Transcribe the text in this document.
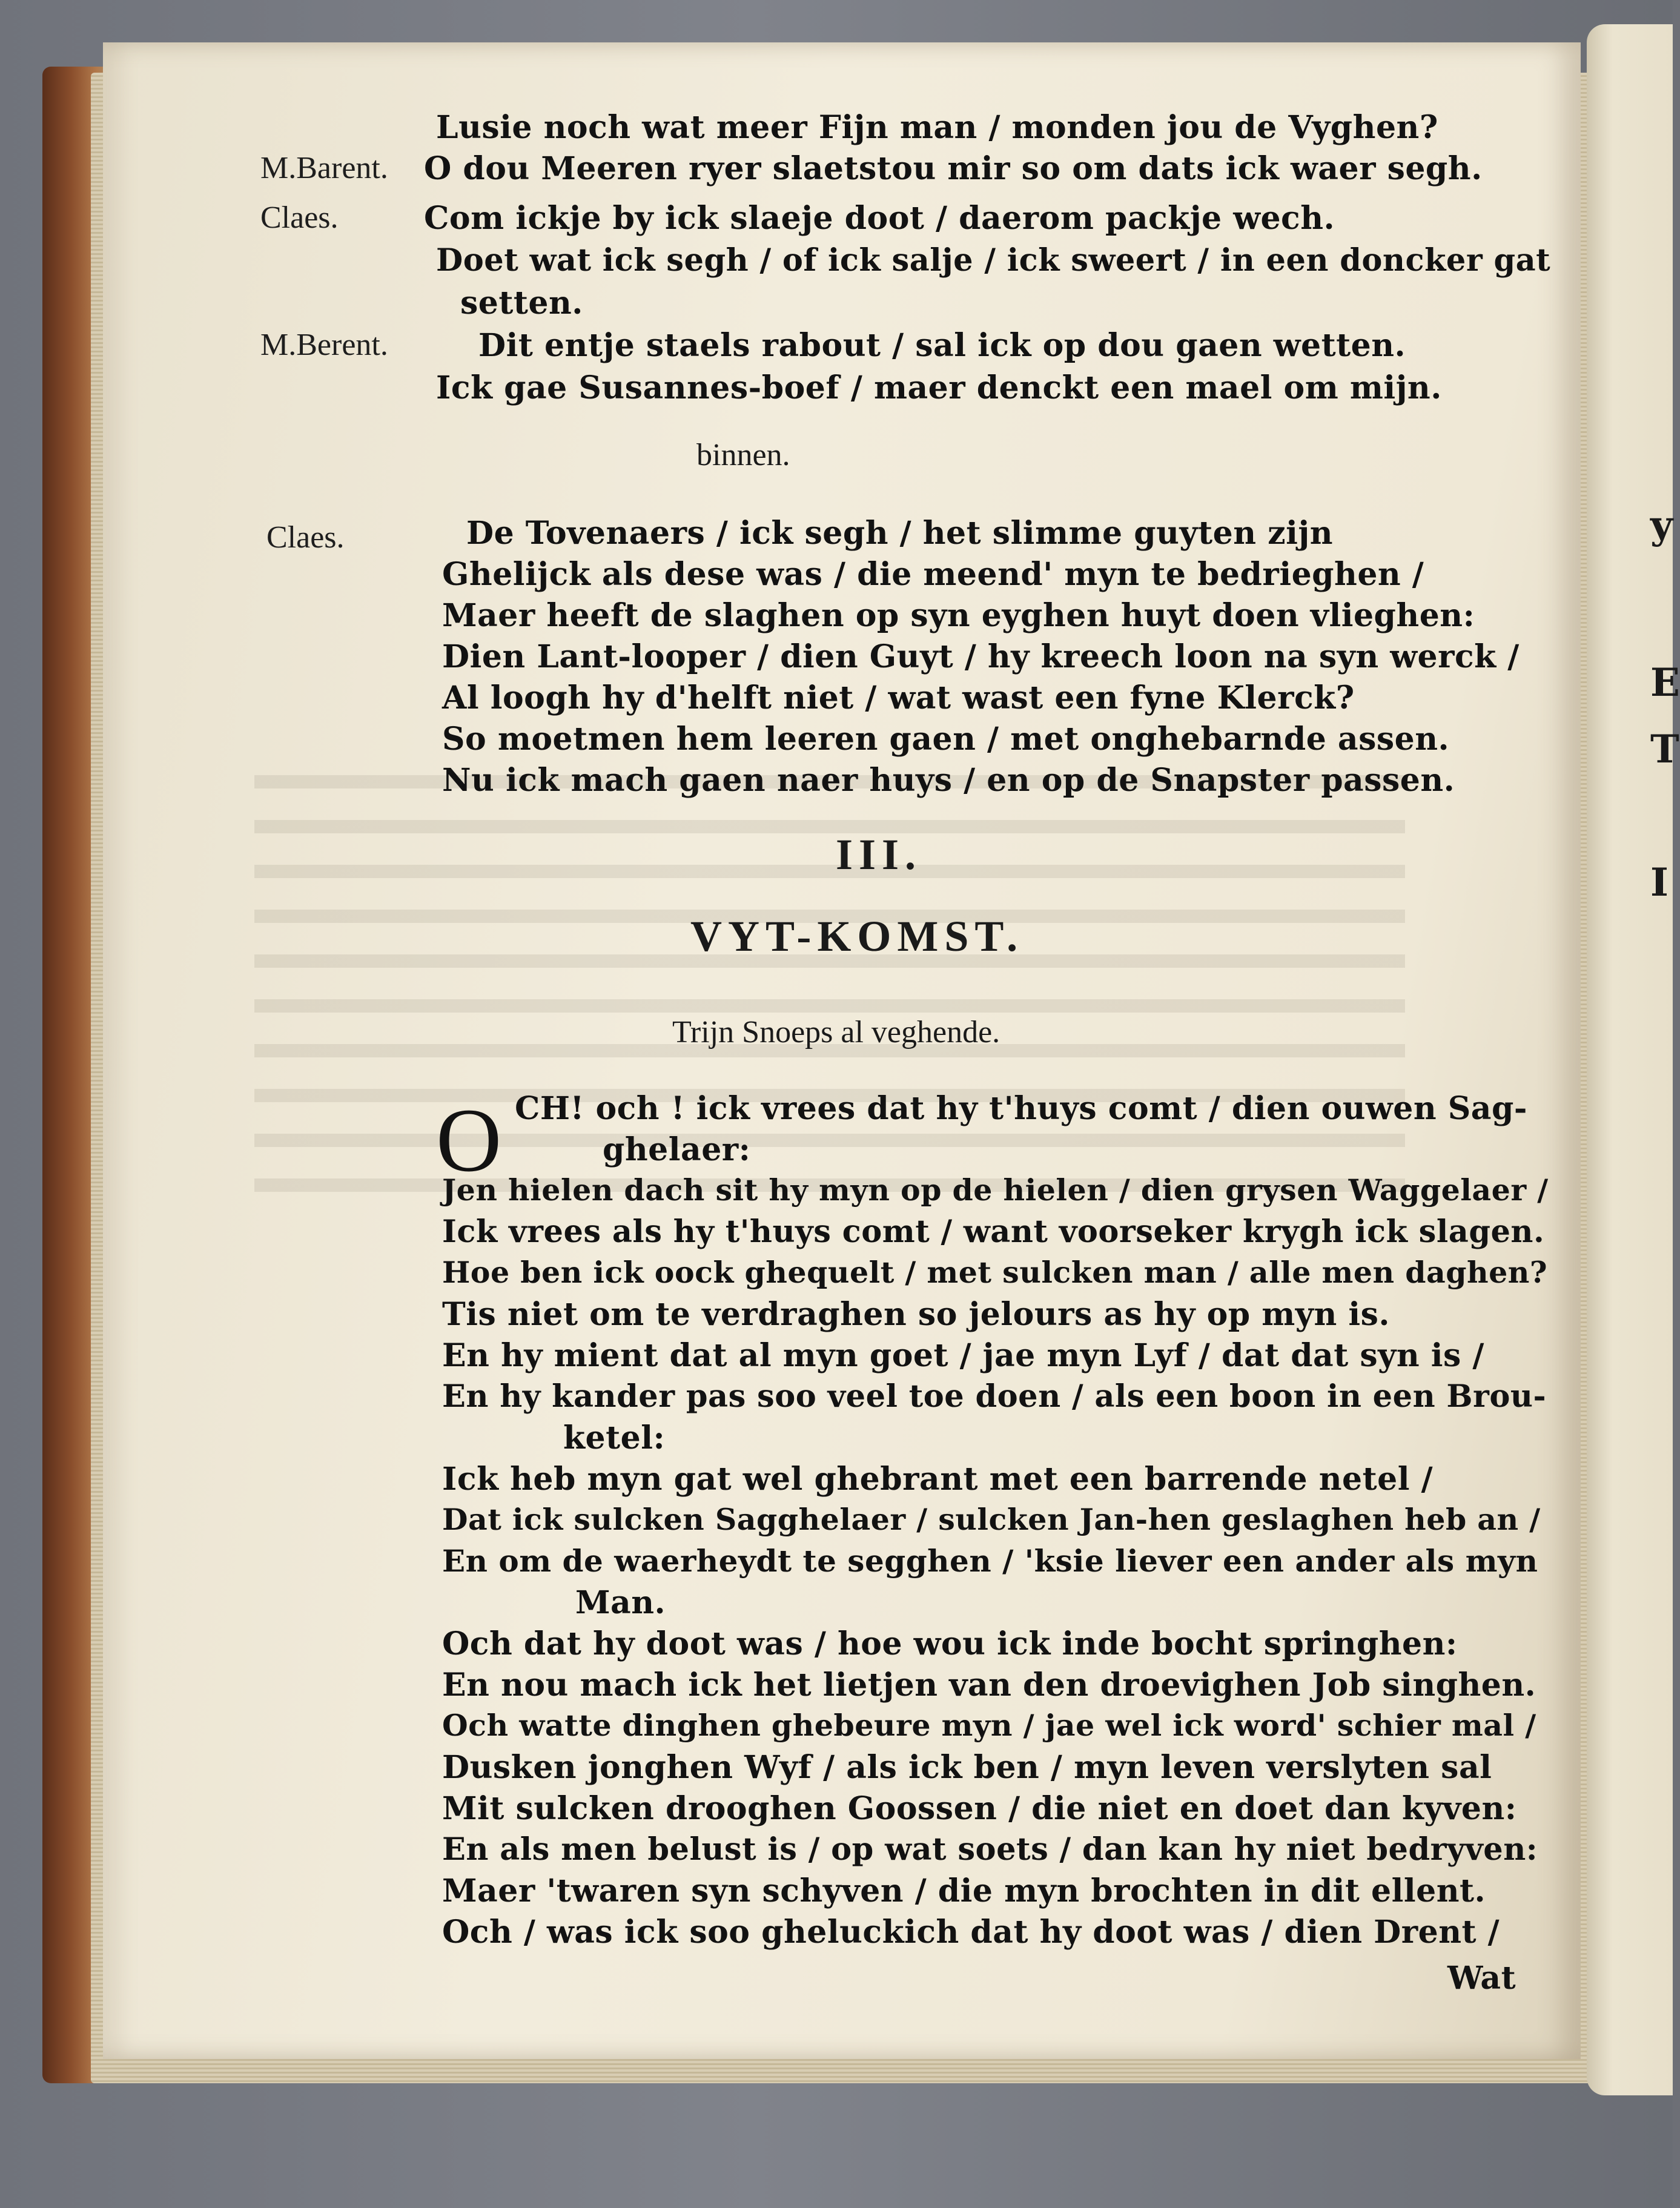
y
E
T
I
Lusie noch wat meer Fijn man / monden jou de Vyghen?
M.Barent. O dou Meeren ryer slaetstou mir so om dats ick waer segh.
Claes.	Com ickje by ick slaeje doot / daerom packje wech.
Doet wat ick segh / of ick salje / ick sweert / in een doncker gat
setten.
M.Berent.	Dit entje staels rabout / sal ick op dou gaen wetten.
Ick gae Susannes-boef / maer denckt een mael om mijn.
binnen.
Claes.	De Tovenaers / ick segh / het slimme guyten zijn
Ghelijck als dese was / die meend' myn te bedrieghen /
Maer heeft de slaghen op syn eyghen huyt doen vlieghen:
Dien Lant-looper / dien Guyt / hy kreech loon na syn werck /
Al loogh hy d'helft niet / wat wast een fyne Klerck?
So moetmen hem leeren gaen / met onghebarnde assen.
Nu ick mach gaen naer huys / en op de Snapster passen.
III.
VYT-KOMST.
Trijn Snoeps al veghende.
O CH! och ! ick vrees dat hy t'huys comt / dien ouwen Sag-
ghelaer:
Jen hielen dach sit hy myn op de hielen / dien grysen Waggelaer /
Ick vrees als hy t'huys comt / want voorseker krygh ick slagen.
Hoe ben ick oock ghequelt / met sulcken man / alle men daghen?
Tis niet om te verdraghen so jelours as hy op myn is.
En hy mient dat al myn goet / jae myn Lyf / dat dat syn is /
En hy kander pas soo veel toe doen / als een boon in een Brou-
ketel:
Ick heb myn gat wel ghebrant met een barrende netel /
Dat ick sulcken Sagghelaer / sulcken Jan-hen geslaghen heb an /
En om de waerheydt te segghen / 'ksie liever een ander als myn
Man.
Och dat hy doot was / hoe wou ick inde bocht springhen:
En nou mach ick het lietjen van den droevighen Job singhen.
Och watte dinghen ghebeure myn / jae wel ick word' schier mal /
Dusken jonghen Wyf / als ick ben / myn leven verslyten sal
Mit sulcken drooghen Goossen / die niet en doet dan kyven:
En als men belust is / op wat soets / dan kan hy niet bedryven:
Maer 'twaren syn schyven / die myn brochten in dit ellent.
Och / was ick soo gheluckich dat hy doot was / dien Drent /
Wat
